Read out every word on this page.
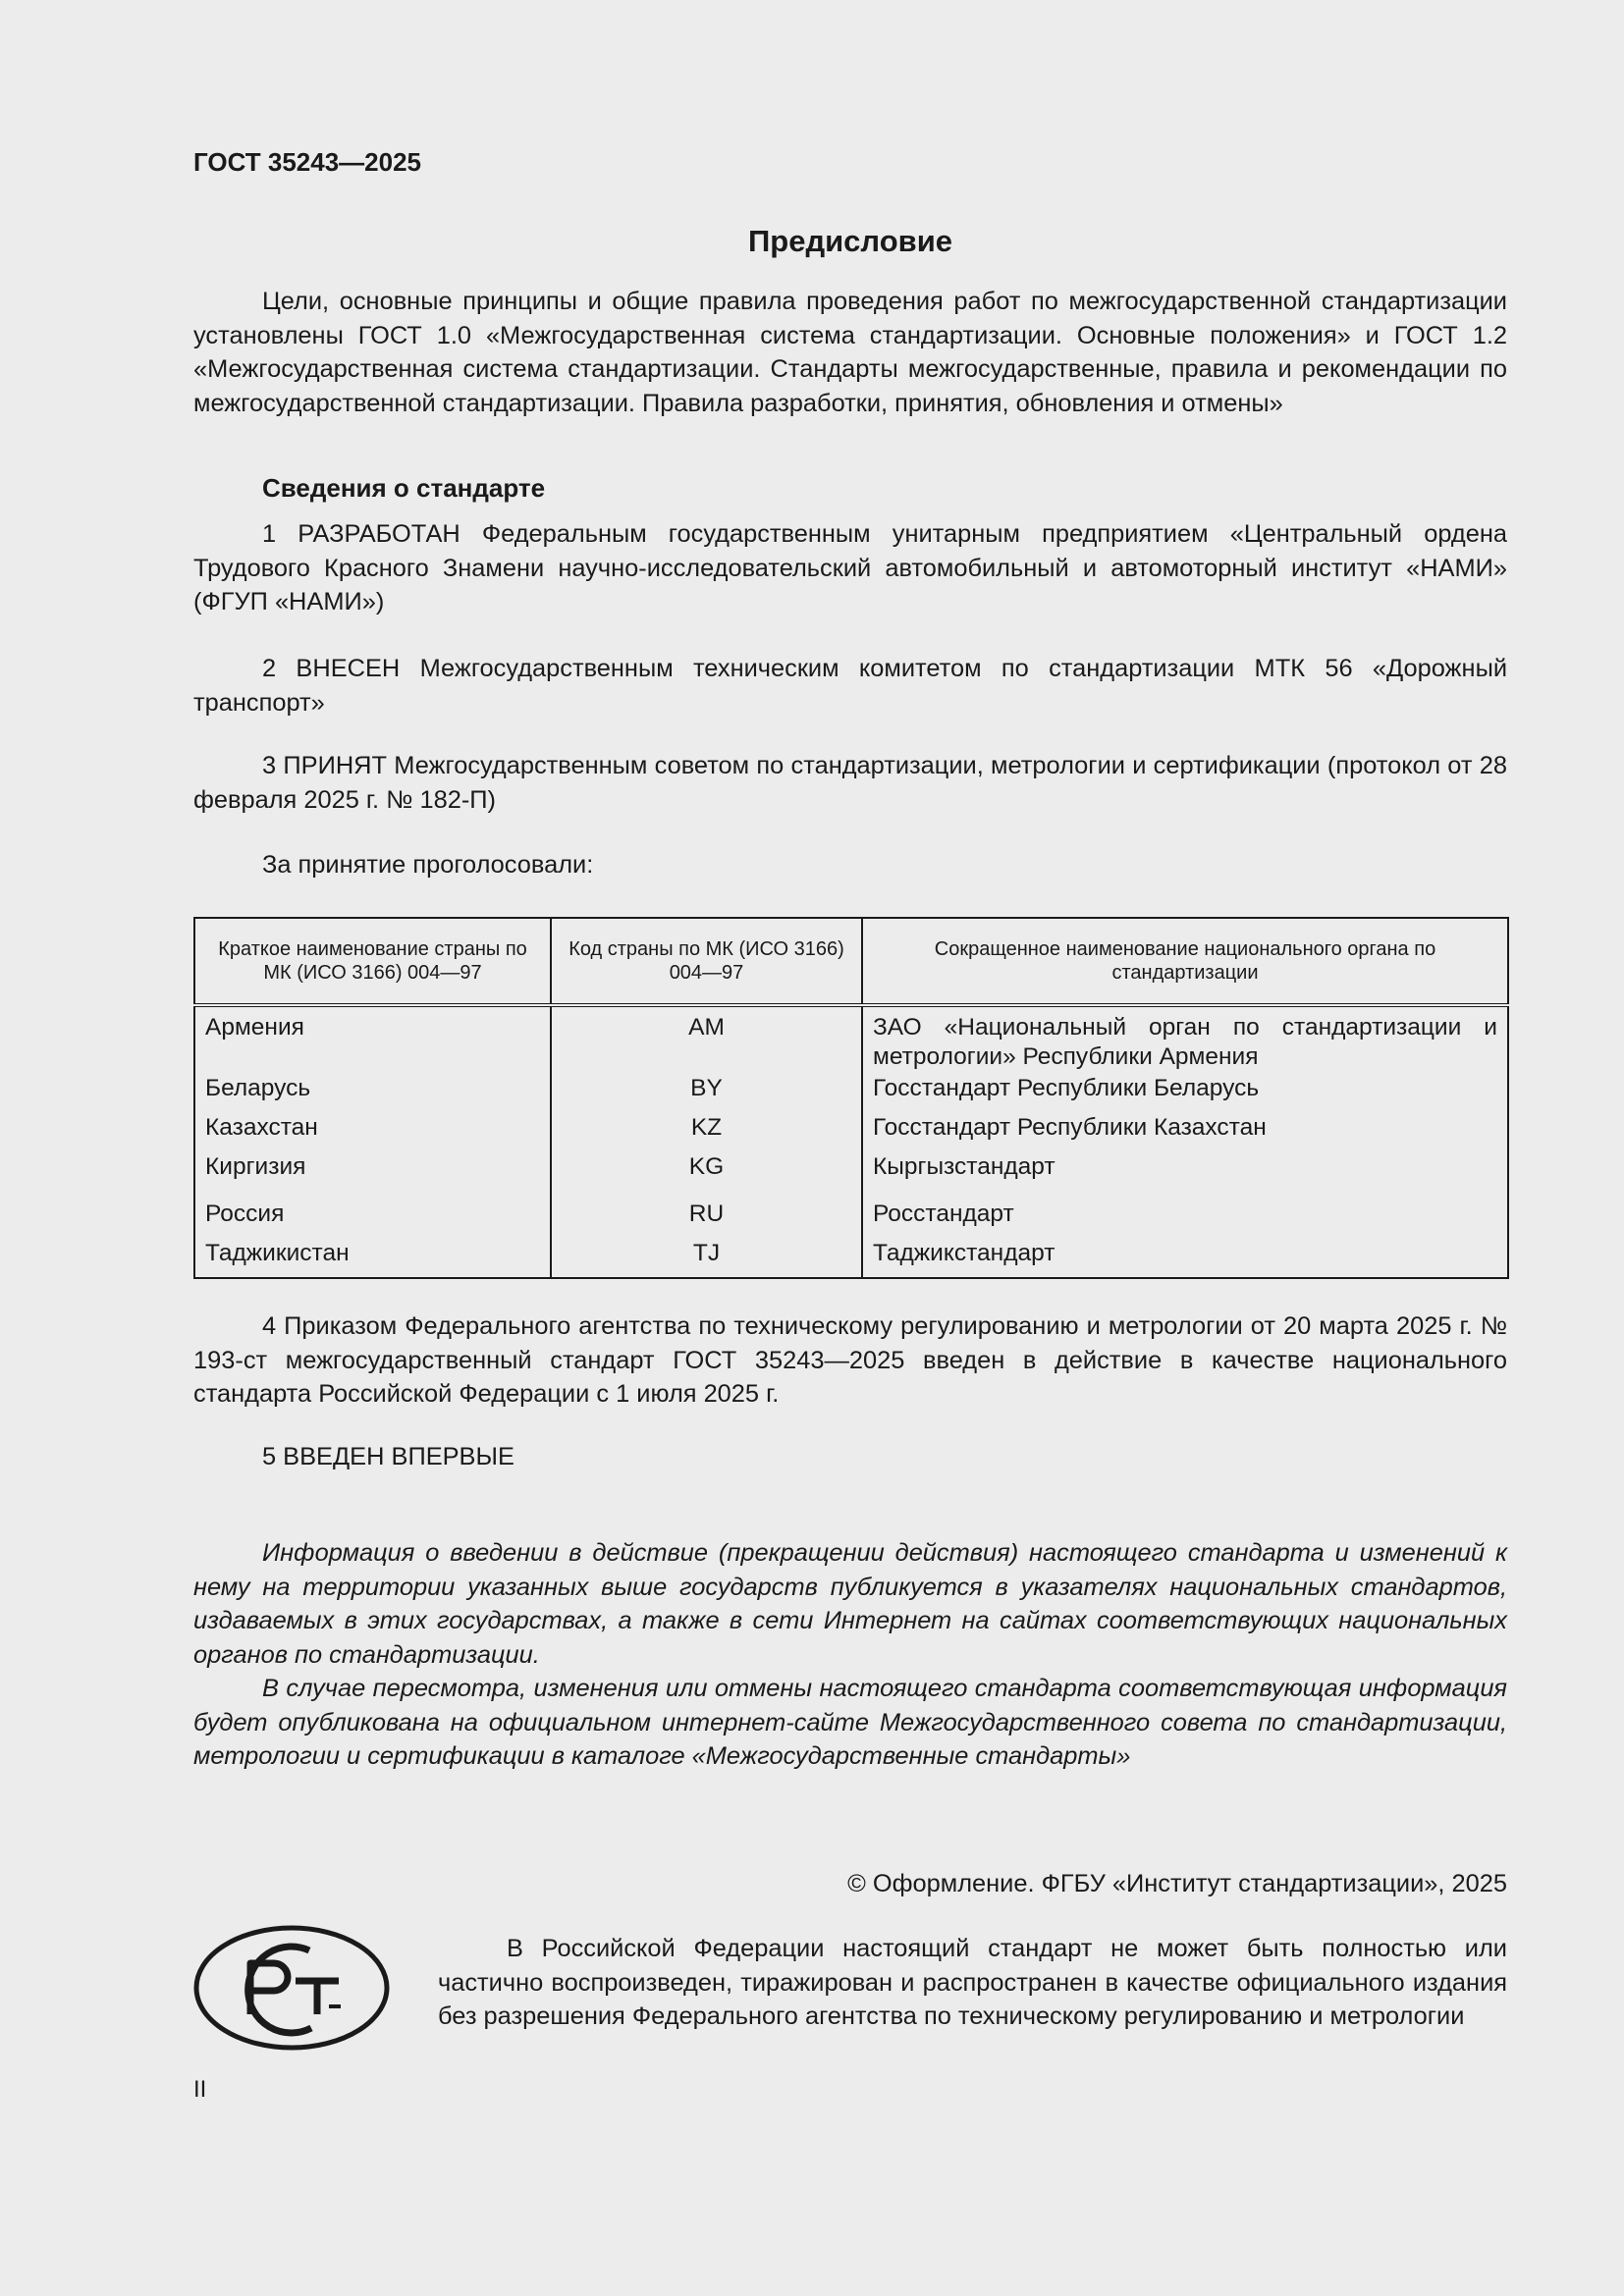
ГОСТ 35243—2025
Предисловие

Цели, основные принципы и общие правила проведения работ по межгосударственной стандартизации установлены ГОСТ 1.0 «Межгосударственная система стандартизации. Основные положения» и ГОСТ 1.2 «Межгосударственная система стандартизации. Стандарты межгосударственные, правила и рекомендации по межгосударственной стандартизации. Правила разработки, принятия, обновления и отмены»

Сведения о стандарте

1 РАЗРАБОТАН Федеральным государственным унитарным предприятием «Центральный ордена Трудового Красного Знамени научно-исследовательский автомобильный и автомоторный институт «НАМИ» (ФГУП «НАМИ»)

2 ВНЕСЕН Межгосударственным техническим комитетом по стандартизации МТК 56 «Дорожный транспорт»

3 ПРИНЯТ Межгосударственным советом по стандартизации, метрологии и сертификации (протокол от 28 февраля 2025 г. № 182-П)

За принятие проголосовали:

Краткое наименование страны по МК (ИСО 3166) 004—97	Код страны по МК (ИСО 3166) 004—97	Сокращенное наименование национального органа по стандартизации
Армения	AM	ЗАО «Национальный орган по стандартизации и метрологии» Республики Армения
Беларусь	BY	Госстандарт Республики Беларусь
Казахстан	KZ	Госстандарт Республики Казахстан
Киргизия	KG	Кыргызстандарт
Россия	RU	Росстандарт
Таджикистан	TJ	Таджикстандарт

4 Приказом Федерального агентства по техническому регулированию и метрологии от 20 марта 2025 г. № 193-ст межгосударственный стандарт ГОСТ 35243—2025 введен в действие в качестве национального стандарта Российской Федерации с 1 июля 2025 г.

5 ВВЕДЕН ВПЕРВЫЕ

Информация о введении в действие (прекращении действия) настоящего стандарта и изменений к нему на территории указанных выше государств публикуется в указателях национальных стандартов, издаваемых в этих государствах, а также в сети Интернет на сайтах соответствующих национальных органов по стандартизации.

В случае пересмотра, изменения или отмены настоящего стандарта соответствующая информация будет опубликована на официальном интернет-сайте Межгосударственного совета по стандартизации, метрологии и сертификации в каталоге «Межгосударственные стандарты»

© Оформление. ФГБУ «Институт стандартизации», 2025

В Российской Федерации настоящий стандарт не может быть полностью или частично воспроизведен, тиражирован и распространен в качестве официального издания без разрешения Федерального агентства по техническому регулированию и метрологии

II
